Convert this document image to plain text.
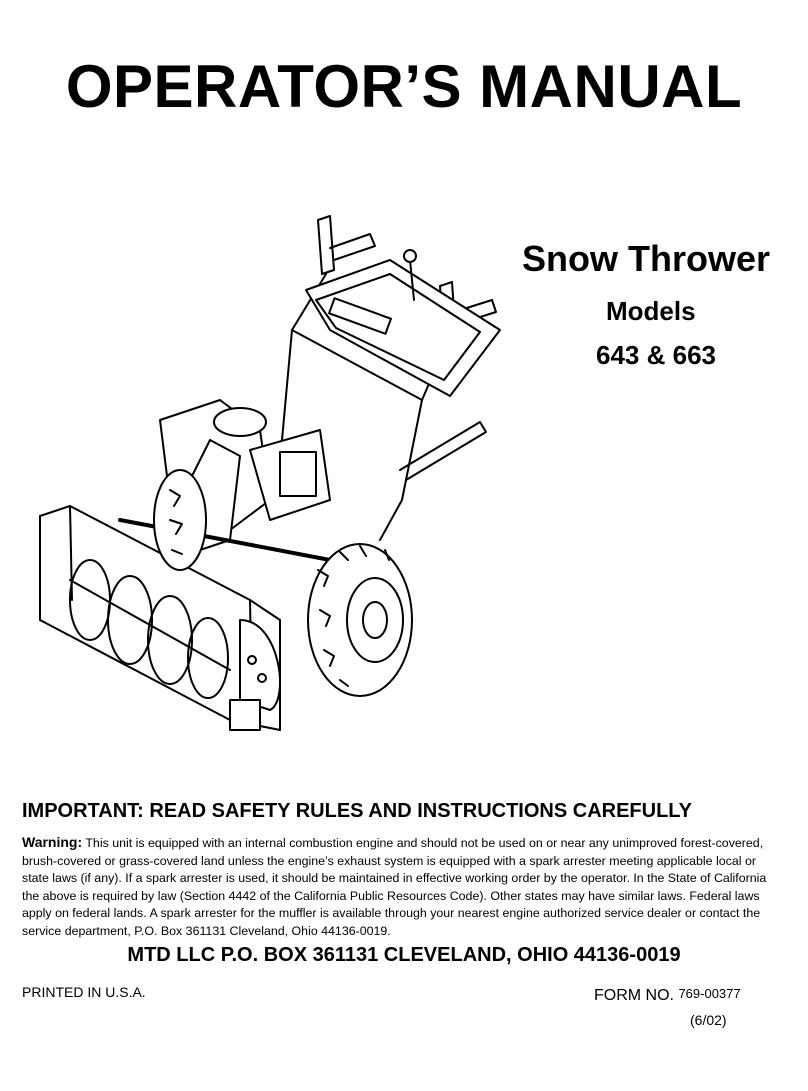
OPERATOR’S MANUAL
Snow Thrower
Models
643 & 663
IMPORTANT: READ SAFETY RULES AND INSTRUCTIONS CAREFULLY
Warning: This unit is equipped with an internal combustion engine and should not be used on or near any unimproved forest-covered, brush-covered or grass-covered land unless the engine’s exhaust system is equipped with a spark arrester meeting applicable local or state laws (if any). If a spark arrester is used, it should be maintained in effective working order by the operator. In the State of California the above is required by law (Section 4442 of the California Public Resources Code). Other states may have similar laws. Federal laws apply on federal lands. A spark arrester for the muffler is available through your nearest engine authorized service dealer or contact the service department, P.O. Box 361131 Cleveland, Ohio 44136-0019.
MTD LLC P.O. BOX 361131 CLEVELAND, OHIO 44136-0019
PRINTED IN U.S.A.	FORM NO. 769-00377
(6/02)
